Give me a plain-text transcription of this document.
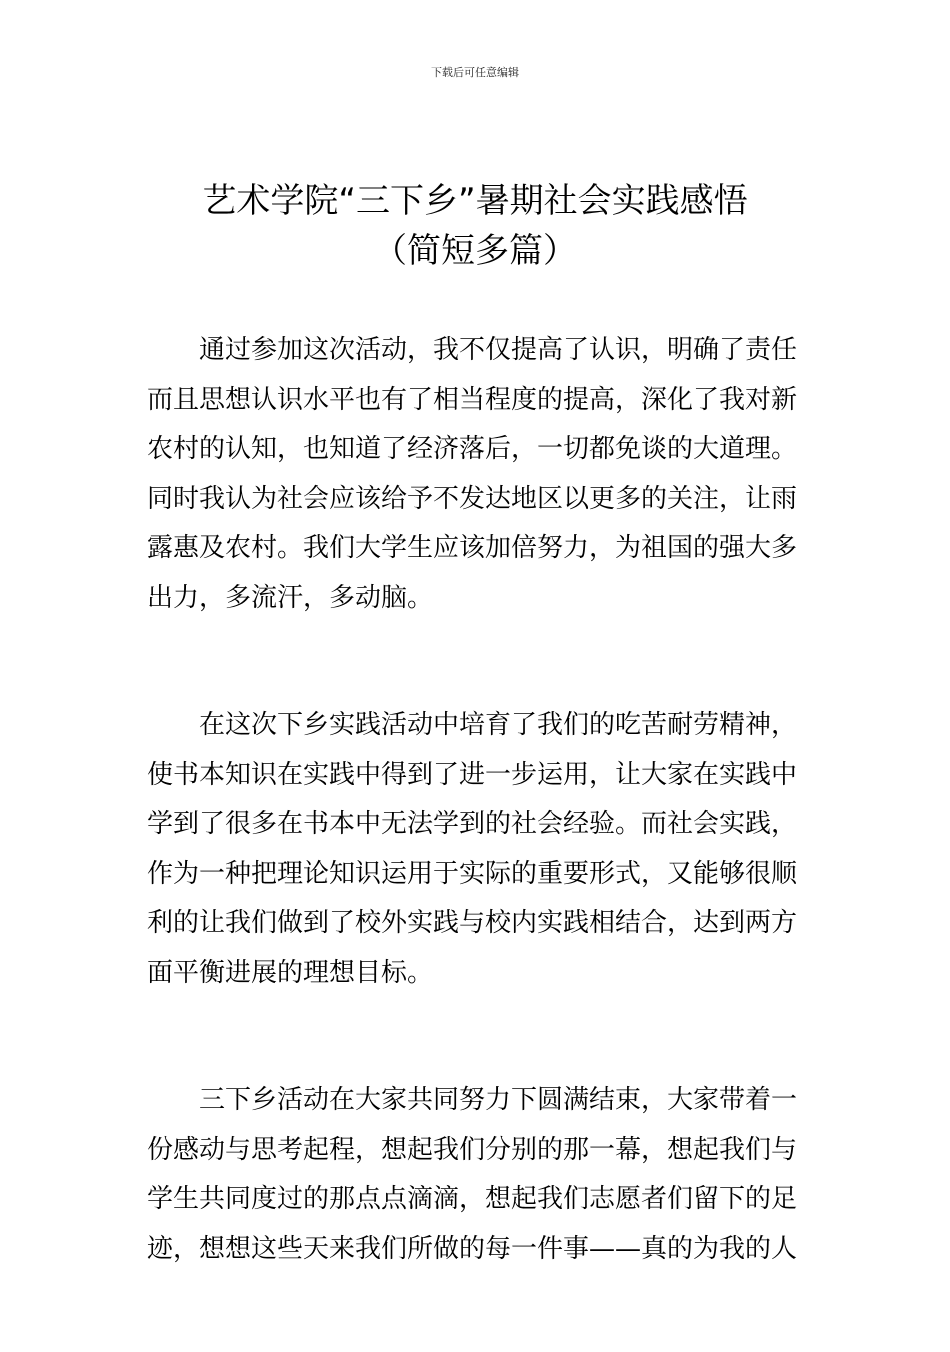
下载后可任意编辑
艺术学院“三下乡”暑期社会实践感悟
（简短多篇）

通过参加这次活动，我不仅提高了认识，明确了责任
而且思想认识水平也有了相当程度的提高，深化了我对新
农村的认知，也知道了经济落后，一切都免谈的大道理。
同时我认为社会应该给予不发达地区以更多的关注，让雨
露惠及农村。我们大学生应该加倍努力，为祖国的强大多
出力，多流汗，多动脑。

在这次下乡实践活动中培育了我们的吃苦耐劳精神，
使书本知识在实践中得到了进一步运用，让大家在实践中
学到了很多在书本中无法学到的社会经验。而社会实践，
作为一种把理论知识运用于实际的重要形式，又能够很顺
利的让我们做到了校外实践与校内实践相结合，达到两方
面平衡进展的理想目标。

三下乡活动在大家共同努力下圆满结束，大家带着一
份感动与思考起程，想起我们分别的那一幕，想起我们与
学生共同度过的那点点滴滴，想起我们志愿者们留下的足
迹，想想这些天来我们所做的每一件事——真的为我的人
